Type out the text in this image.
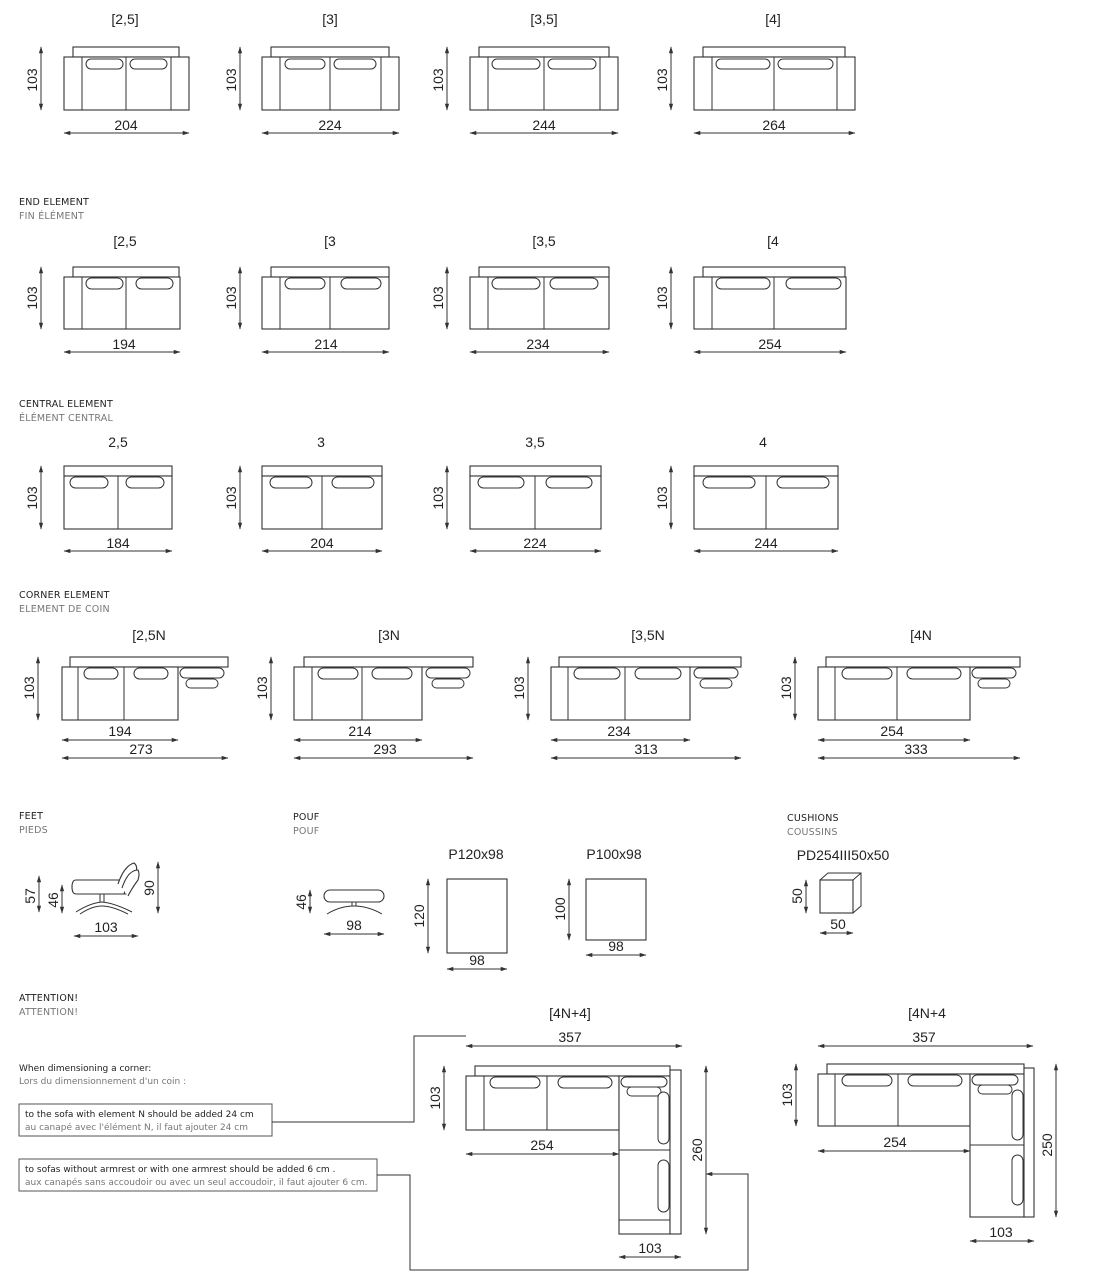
[2,5]
103
204
[3]
103
224
[3,5]
103
244
[4]
103
264
END ELEMENT
FIN ÉLÉMENT
[2,5
103
194
[3
103
214
[3,5
103
234
[4
103
254
CENTRAL ELEMENT
ÉLÉMENT CENTRAL
2,5
103
184
3
103
204
3,5
103
224
4
103
244
CORNER ELEMENT
ELEMENT DE COIN
[2,5N
103
194
273
[3N
103
214
293
[3,5N
103
234
313
[4N
103
254
333
FEET
PIEDS
57 46
90
103
POUF
POUF
46
98
P120x98
120
98
P100x98
100
98
CUSHIONS
COUSSINS
PD254III50x50
50
50
ATTENTION!
ATTENTION!
When dimensioning a corner:
Lors du dimensionnement d'un coin :
to the sofa with element N should be added 24 cm
au canapé avec l'élément N, il faut ajouter 24 cm
to sofas without armrest or with one armrest should be added 6 cm .
aux canapés sans accoudoir ou avec un seul accoudoir, il faut ajouter 6 cm.
[4N+4]
357
103
254	260
103
[4N+4
357
103
254	250
103
